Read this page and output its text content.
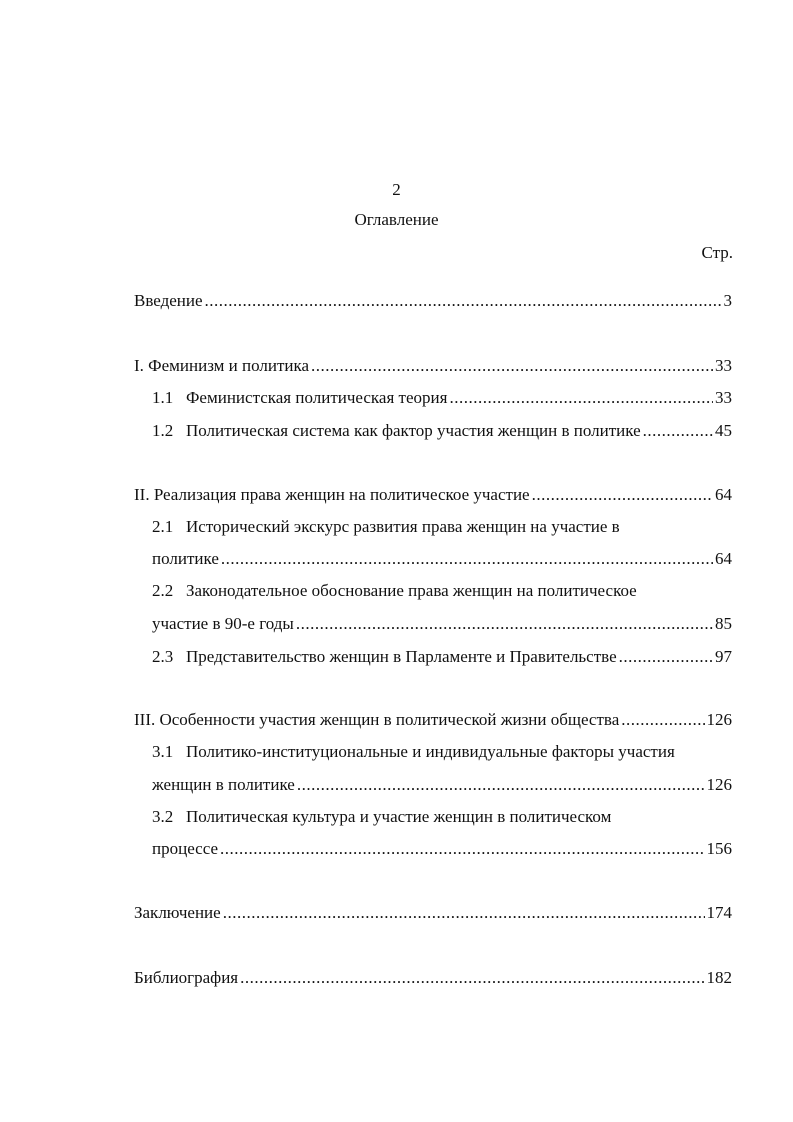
2
Оглавление
Стр.
Введение .....	3
I. Феминизм и политика .....	33
1.1 Феминистская политическая теория .....	33
1.2 Политическая система как фактор участия женщин в политике .....	45
II. Реализация права женщин на политическое участие .....	64
2.1 Исторический экскурс развития права женщин на участие в
политике .....	64
2.2 Законодательное обоснование права женщин на политическое
участие в 90-е годы .....	85
2.3 Представительство женщин в Парламенте и Правительстве .....	97
III. Особенности участия женщин в политической жизни общества .....	126
3.1 Политико-институциональные и индивидуальные факторы участия
женщин в политике .....	126
3.2 Политическая культура и участие женщин в политическом
процессе .....	156
Заключение .....	174
Библиография .....	182
